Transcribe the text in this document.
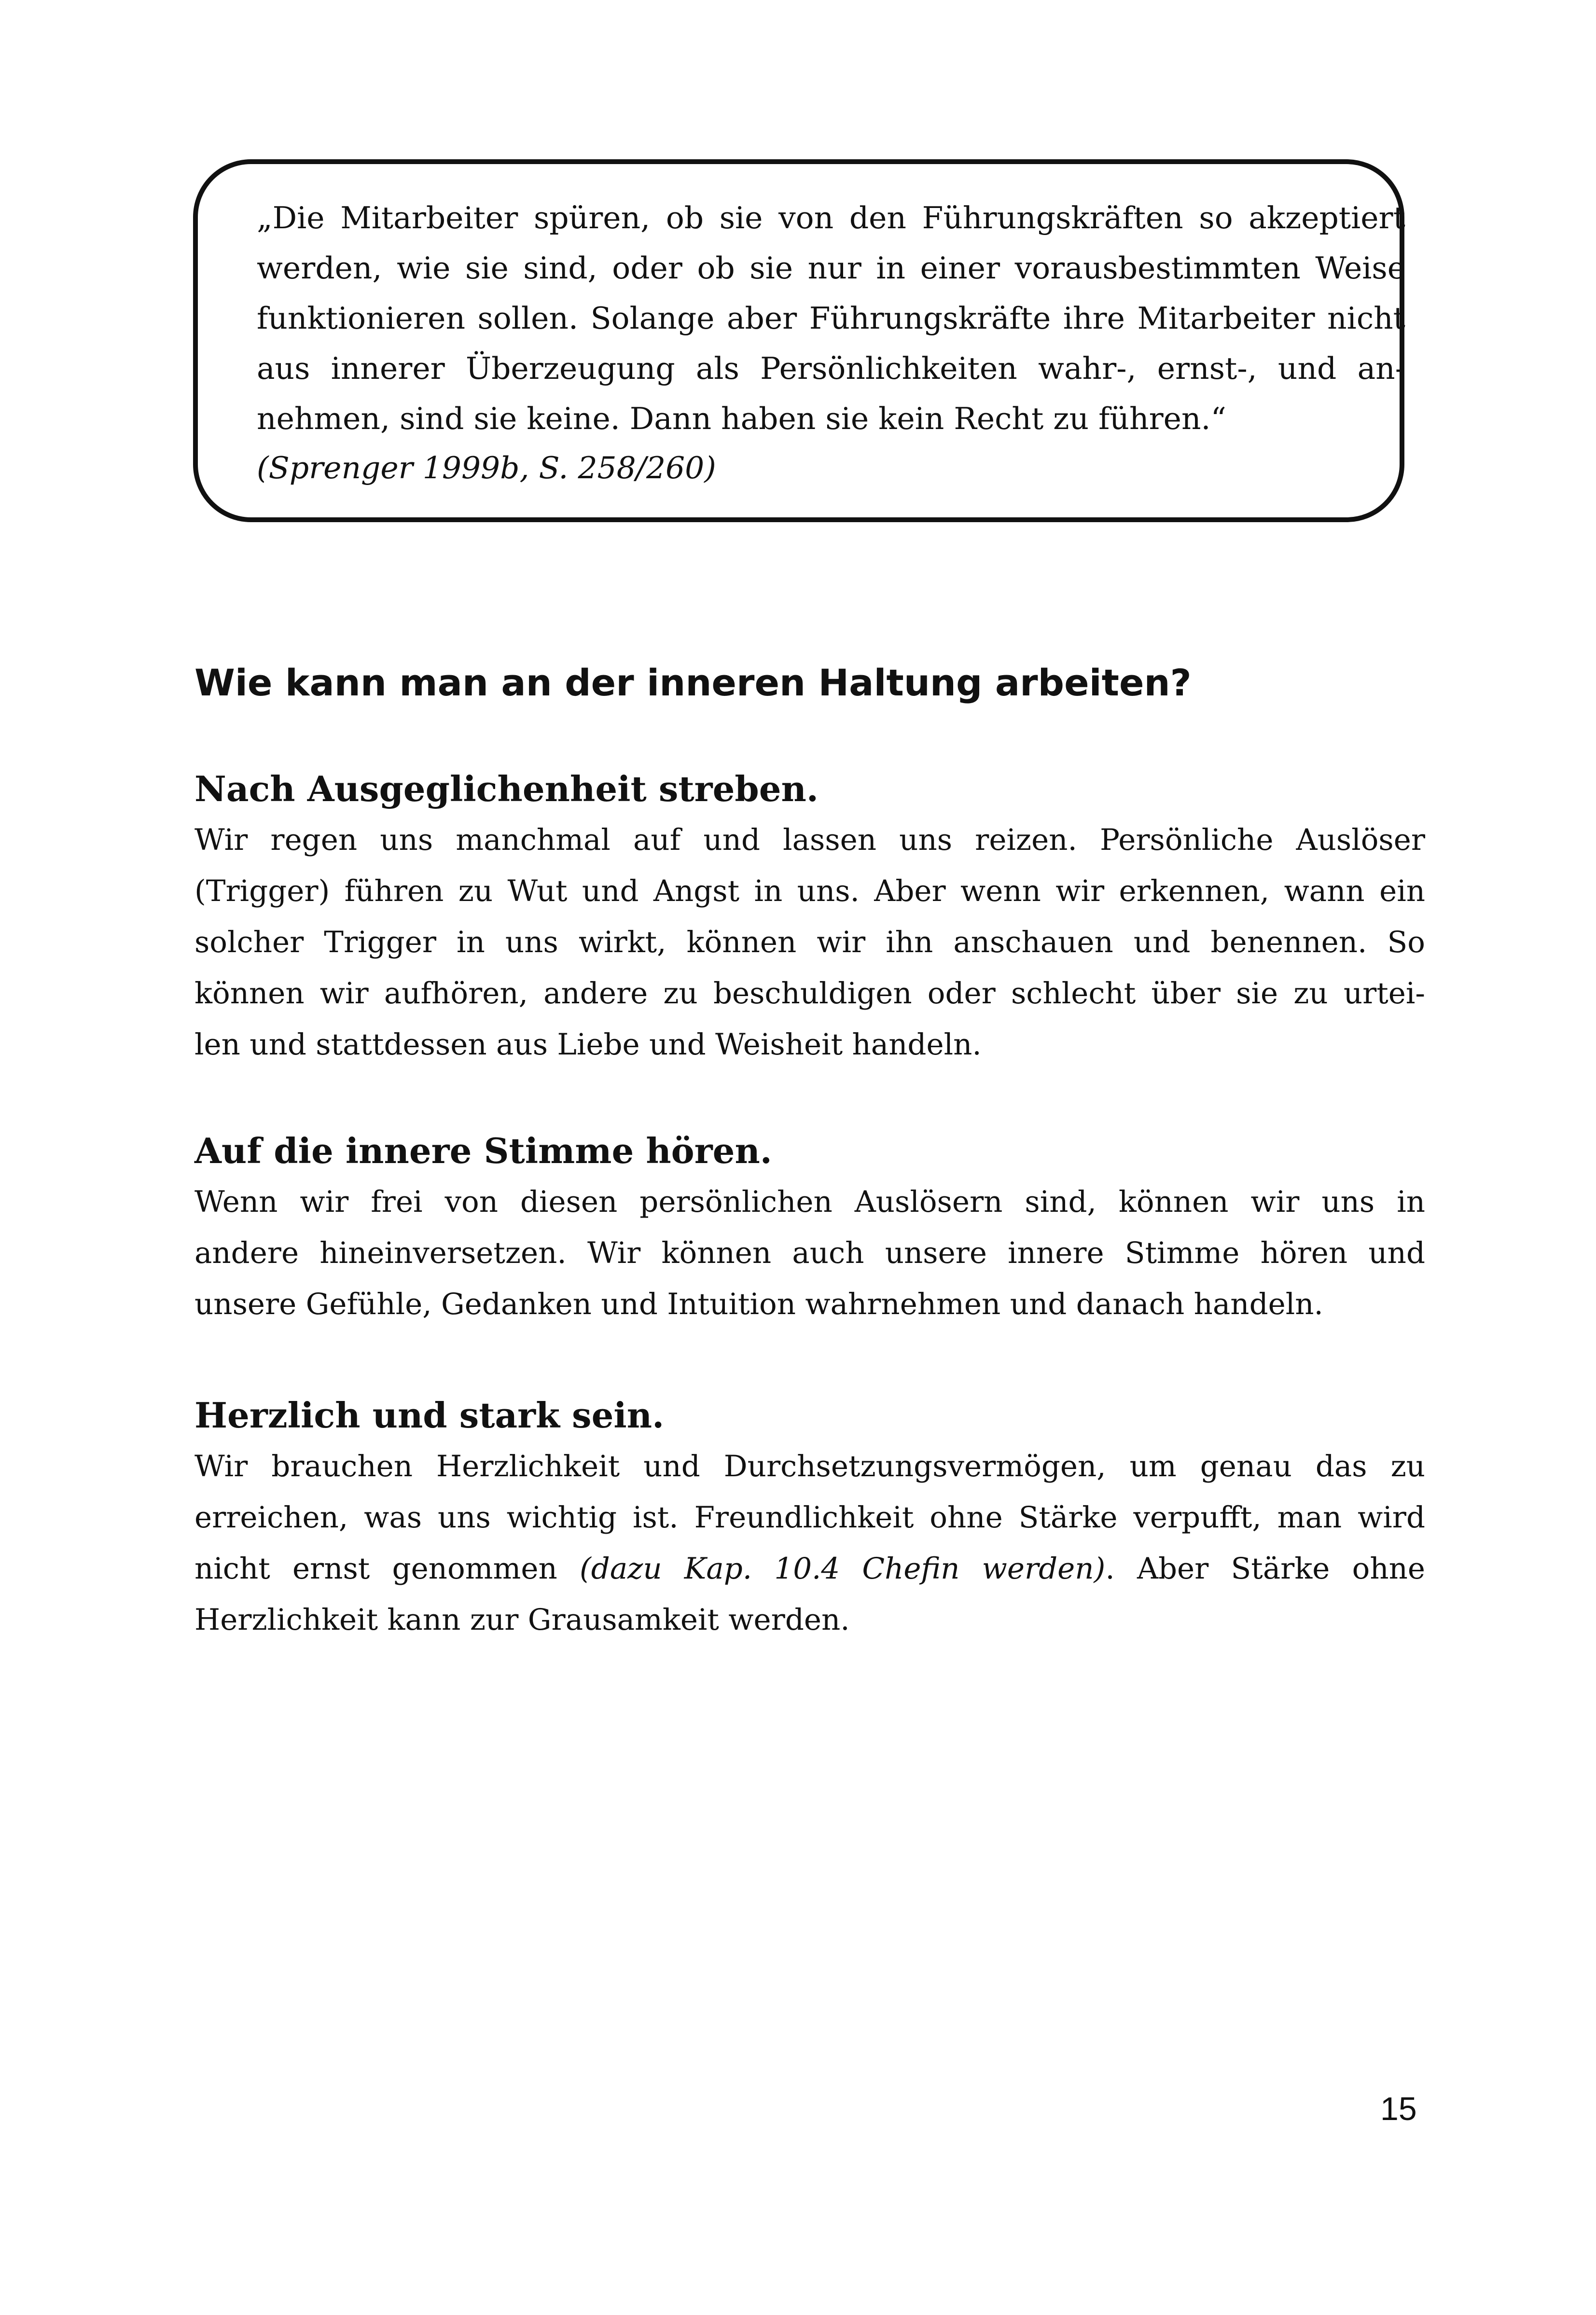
„Die Mitarbeiter spüren, ob sie von den Führungskräften so akzeptiert
werden, wie sie sind, oder ob sie nur in einer vorausbestimmten Weise
funktionieren sollen. Solange aber Führungskräfte ihre Mitarbeiter nicht
aus innerer Überzeugung als Persönlichkeiten wahr-, ernst-, und an-
nehmen, sind sie keine. Dann haben sie kein Recht zu führen.“

(Sprenger 1999b, S. 258/260)

Wie kann man an der inneren Haltung arbeiten?
Nach Ausgeglichenheit streben.

Wir regen uns manchmal auf und lassen uns reizen. Persönliche Auslöser
(Trigger) führen zu Wut und Angst in uns. Aber wenn wir erkennen, wann ein
solcher Trigger in uns wirkt, können wir ihn anschauen und benennen. So
können wir aufhören, andere zu beschuldigen oder schlecht über sie zu urtei-
len und stattdessen aus Liebe und Weisheit handeln.

Auf die innere Stimme hören.

Wenn wir frei von diesen persönlichen Auslösern sind, können wir uns in
andere hineinversetzen. Wir können auch unsere innere Stimme hören und
unsere Gefühle, Gedanken und Intuition wahrnehmen und danach handeln.

Herzlich und stark sein.

Wir brauchen Herzlichkeit und Durchsetzungsvermögen, um genau das zu
erreichen, was uns wichtig ist. Freundlichkeit ohne Stärke verpufft, man wird
nicht ernst genommen (dazu Kap. 10.4 Chefin werden). Aber Stärke ohne
Herzlichkeit kann zur Grausamkeit werden.

15
